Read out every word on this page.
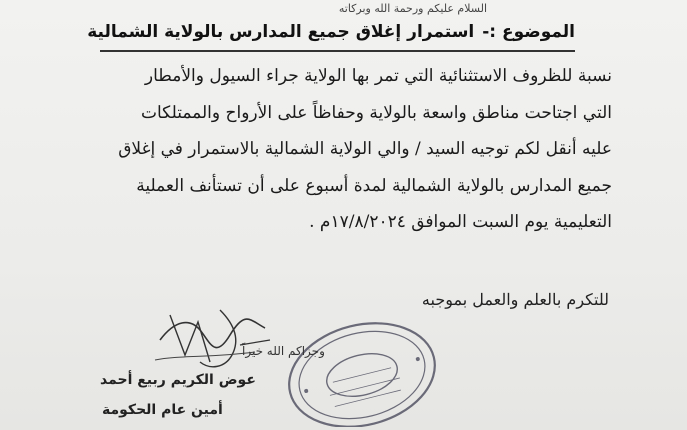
السلام عليكم ورحمة الله وبركاته
الموضوع :-استمرار إغلاق جميع المدارس بالولاية الشمالية
نسبة للظروف الاستثنائية التي تمر بها الولاية جراء السيول والأمطار
التي اجتاحت مناطق واسعة بالولاية وحفاظاً على الأرواح والممتلكات
عليه أنقل لكم توجيه السيد / والي الولاية الشمالية بالاستمرار في إغلاق
جميع المدارس بالولاية الشمالية لمدة أسبوع على أن تستأنف العملية
التعليمية يوم السبت الموافق ١٧/٨/٢٠٢٤م .
للتكرم بالعلم والعمل بموجبه
وجزاكم الله خيراً
عوض الكريم ربيع أحمد
أمين عام الحكومة
